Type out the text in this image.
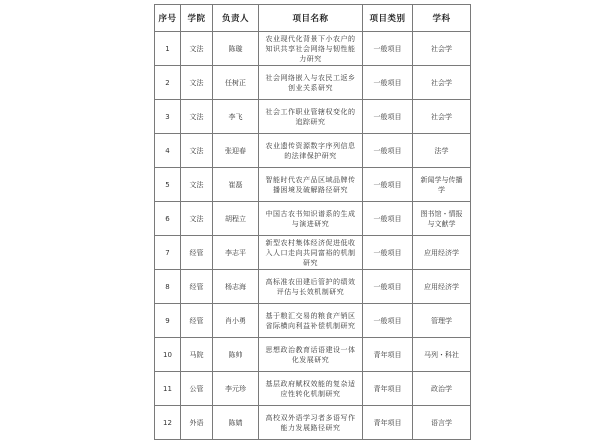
序号	学院	负责人	项目名称	项目类别	学科
1	文法	陈璇	农业现代化背景下小农户的知识共享社会网络与韧性能力研究	一般项目	社会学
2	文法	任树正	社会网络嵌入与农民工返乡创业关系研究	一般项目	社会学
3	文法	李飞	社会工作职业管辖权变化的追踪研究	一般项目	社会学
4	文法	张迎春	农业遗传资源数字序列信息的法律保护研究	一般项目	法学
5	文法	崔磊	智能时代农产品区域品牌传播困境及破解路径研究	一般项目	新闻学与传播学
6	文法	胡程立	中国古农书知识谱系的生成与演进研究	一般项目	图书馆・情报与文献学
7	经管	李志平	新型农村集体经济促进低收入人口走向共同富裕的机制研究	一般项目	应用经济学
8	经管	杨志海	高标准农田建后管护的绩效评估与长效机制研究	一般项目	应用经济学
9	经管	肖小勇	基于粮汇交易的粮食产销区省际横向利益补偿机制研究	一般项目	管理学
10	马院	陈帅	思想政治教育话语建设一体化发展研究	青年项目	马列・科社
11	公管	李元珍	基层政府赋权效能的复杂适应性转化机制研究	青年项目	政治学
12	外语	陈婧	高校双外语学习者多语写作能力发展路径研究	青年项目	语言学
